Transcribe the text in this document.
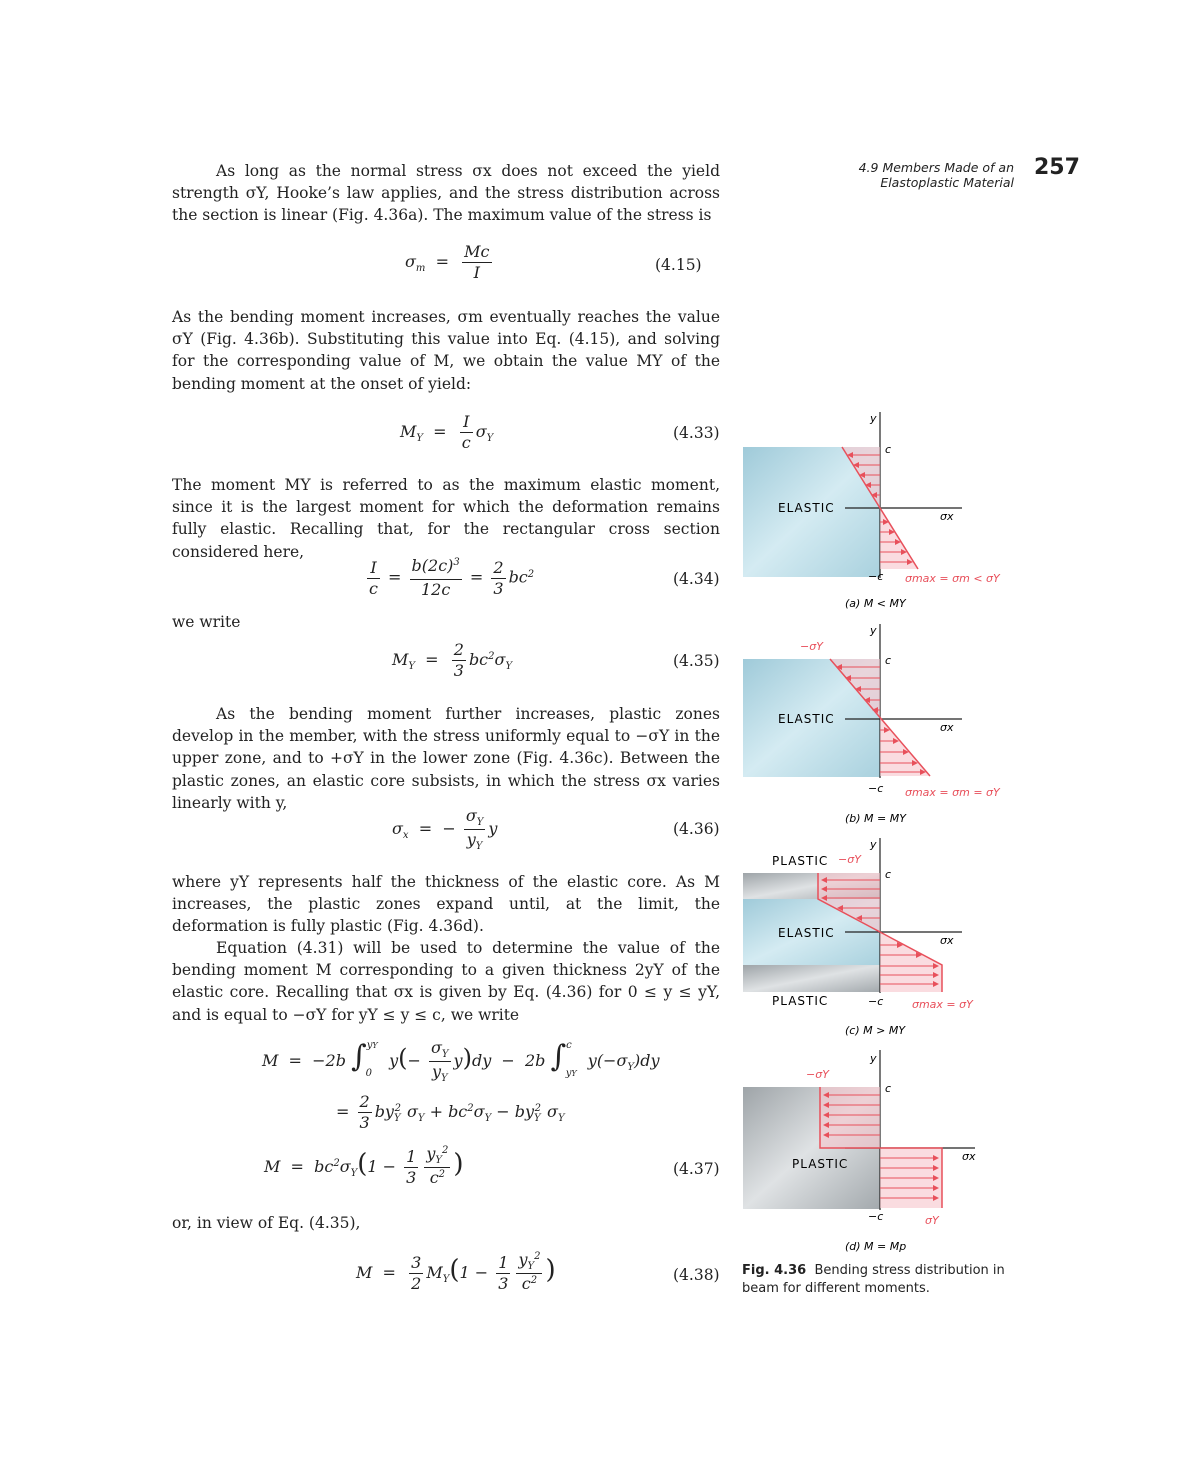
4.9 Members Made of an
Elastoplastic Material
257
As long as the normal stress σx does not exceed the yield strength σY, Hooke’s law applies, and the stress distribution across the section is linear (Fig. 4.36a). The maximum value of the stress is
$\sigma_m = \frac{Mc}{I}$	(4.15)
As the bending moment increases, σm eventually reaches the value σY (Fig. 4.36b). Substituting this value into Eq. (4.15), and solving for the corresponding value of M, we obtain the value MY of the bending moment at the onset of yield:
$M_Y = \frac{I}{c} \sigma_Y$	(4.33)
The moment MY is referred to as the maximum elastic moment, since it is the largest moment for which the deformation remains fully elastic. Recalling that, for the rectangular cross section considered here,
$\frac{I}{c} = \frac{b(2c)^3}{12c} = \frac{2}{3} bc^2$	(4.34)
we write
$M_Y = \frac{2}{3} bc^2\sigma_Y$	(4.35)
As the bending moment further increases, plastic zones develop in the member, with the stress uniformly equal to −σY in the upper zone, and to +σY in the lower zone (Fig. 4.36c). Between the plastic zones, an elastic core subsists, in which the stress σx varies linearly with y,
$\sigma_x$  =  − $\frac{\sigma_Y}{y_Y}$ y	(4.36)
where yY represents half the thickness of the elastic core. As M increases, the plastic zones expand until, at the limit, the deformation is fully plastic (Fig. 4.36d).
Equation (4.31) will be used to determine the value of the bending moment M corresponding to a given thickness 2yY of the elastic core. Recalling that σx is given by Eq. (4.36) for 0 ≤ y ≤ yY, and is equal to −σY for yY ≤ y ≤ c, we write
M  =  −2b ∫$^{yY}_0$ $y(- \frac{\sigma_Y}{y_Y} y)dy - 2b$ ∫$^c_{yY}$ $y(-\sigma_Y)dy$
= $\frac{2}{3} by_Y^2$ $\sigma_Y + bc^2\sigma_Y - by_Y^2$ $\sigma_Y$
$M = bc^2\sigma_Y(1 - \frac{1}{3} \frac{y_Y^2}{c^2}$ )	(4.37)
or, in view of Eq. (4.35),
$M = \frac{3}{2} M_Y(1 - \frac{1}{3} \frac{y_Y^2}{c^2}$ )	(4.38)
y
c
−c
σx
ELASTIC
σmax = σm < σY
(a) M < MY
y
c
−c
σx
ELASTIC
−σY
σmax = σm = σY
(b) M = MY
y
c
−c
σx
PLASTIC
ELASTIC
PLASTIC
−σY
σmax = σY
(c) M > MY
y
c
−c
σx
PLASTIC
−σY
σY
(d) M = Mp
Fig. 4.36 Bending stress distribution in beam for different moments.
